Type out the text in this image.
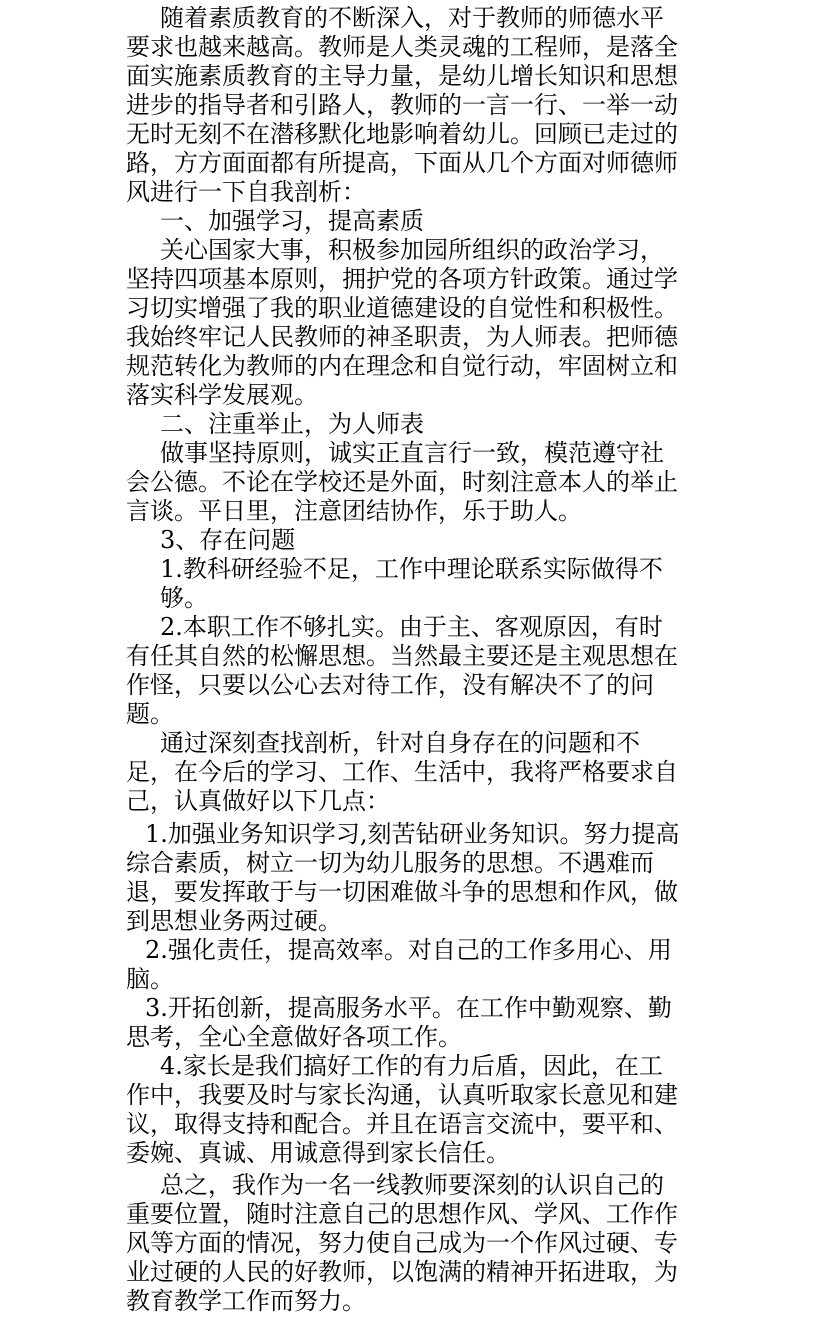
随着素质教育的不断深入，对于教师的师德水平
要求也越来越高。教师是人类灵魂的工程师，是落全
面实施素质教育的主导力量，是幼儿增长知识和思想
进步的指导者和引路人，教师的一言一行、一举一动
无时无刻不在潜移默化地影响着幼儿。回顾已走过的
路，方方面面都有所提高，下面从几个方面对师德师
风进行一下自我剖析：
一、加强学习，提高素质
关心国家大事，积极参加园所组织的政治学习，
坚持四项基本原则，拥护党的各项方针政策。通过学
习切实增强了我的职业道德建设的自觉性和积极性。
我始终牢记人民教师的神圣职责，为人师表。把师德
规范转化为教师的内在理念和自觉行动，牢固树立和
落实科学发展观。
二、注重举止，为人师表
做事坚持原则，诚实正直言行一致，模范遵守社
会公德。不论在学校还是外面，时刻注意本人的举止
言谈。平日里，注意团结协作，乐于助人。
3、存在问题
1.教科研经验不足，工作中理论联系实际做得不
够。
2.本职工作不够扎实。由于主、客观原因，有时
有任其自然的松懈思想。当然最主要还是主观思想在
作怪，只要以公心去对待工作，没有解决不了的问
题。
通过深刻查找剖析，针对自身存在的问题和不
足，在今后的学习、工作、生活中，我将严格要求自
己，认真做好以下几点：
1.加强业务知识学习,刻苦钻研业务知识。努力提高
综合素质，树立一切为幼儿服务的思想。不遇难而
退，要发挥敢于与一切困难做斗争的思想和作风，做
到思想业务两过硬。
2.强化责任，提高效率。对自己的工作多用心、用
脑。
3.开拓创新，提高服务水平。在工作中勤观察、勤
思考，全心全意做好各项工作。
4.家长是我们搞好工作的有力后盾，因此，在工
作中，我要及时与家长沟通，认真听取家长意见和建
议，取得支持和配合。并且在语言交流中，要平和、
委婉、真诚、用诚意得到家长信任。
总之，我作为一名一线教师要深刻的认识自己的
重要位置，随时注意自己的思想作风、学风、工作作
风等方面的情况，努力使自己成为一个作风过硬、专
业过硬的人民的好教师，以饱满的精神开拓进取，为
教育教学工作而努力。
